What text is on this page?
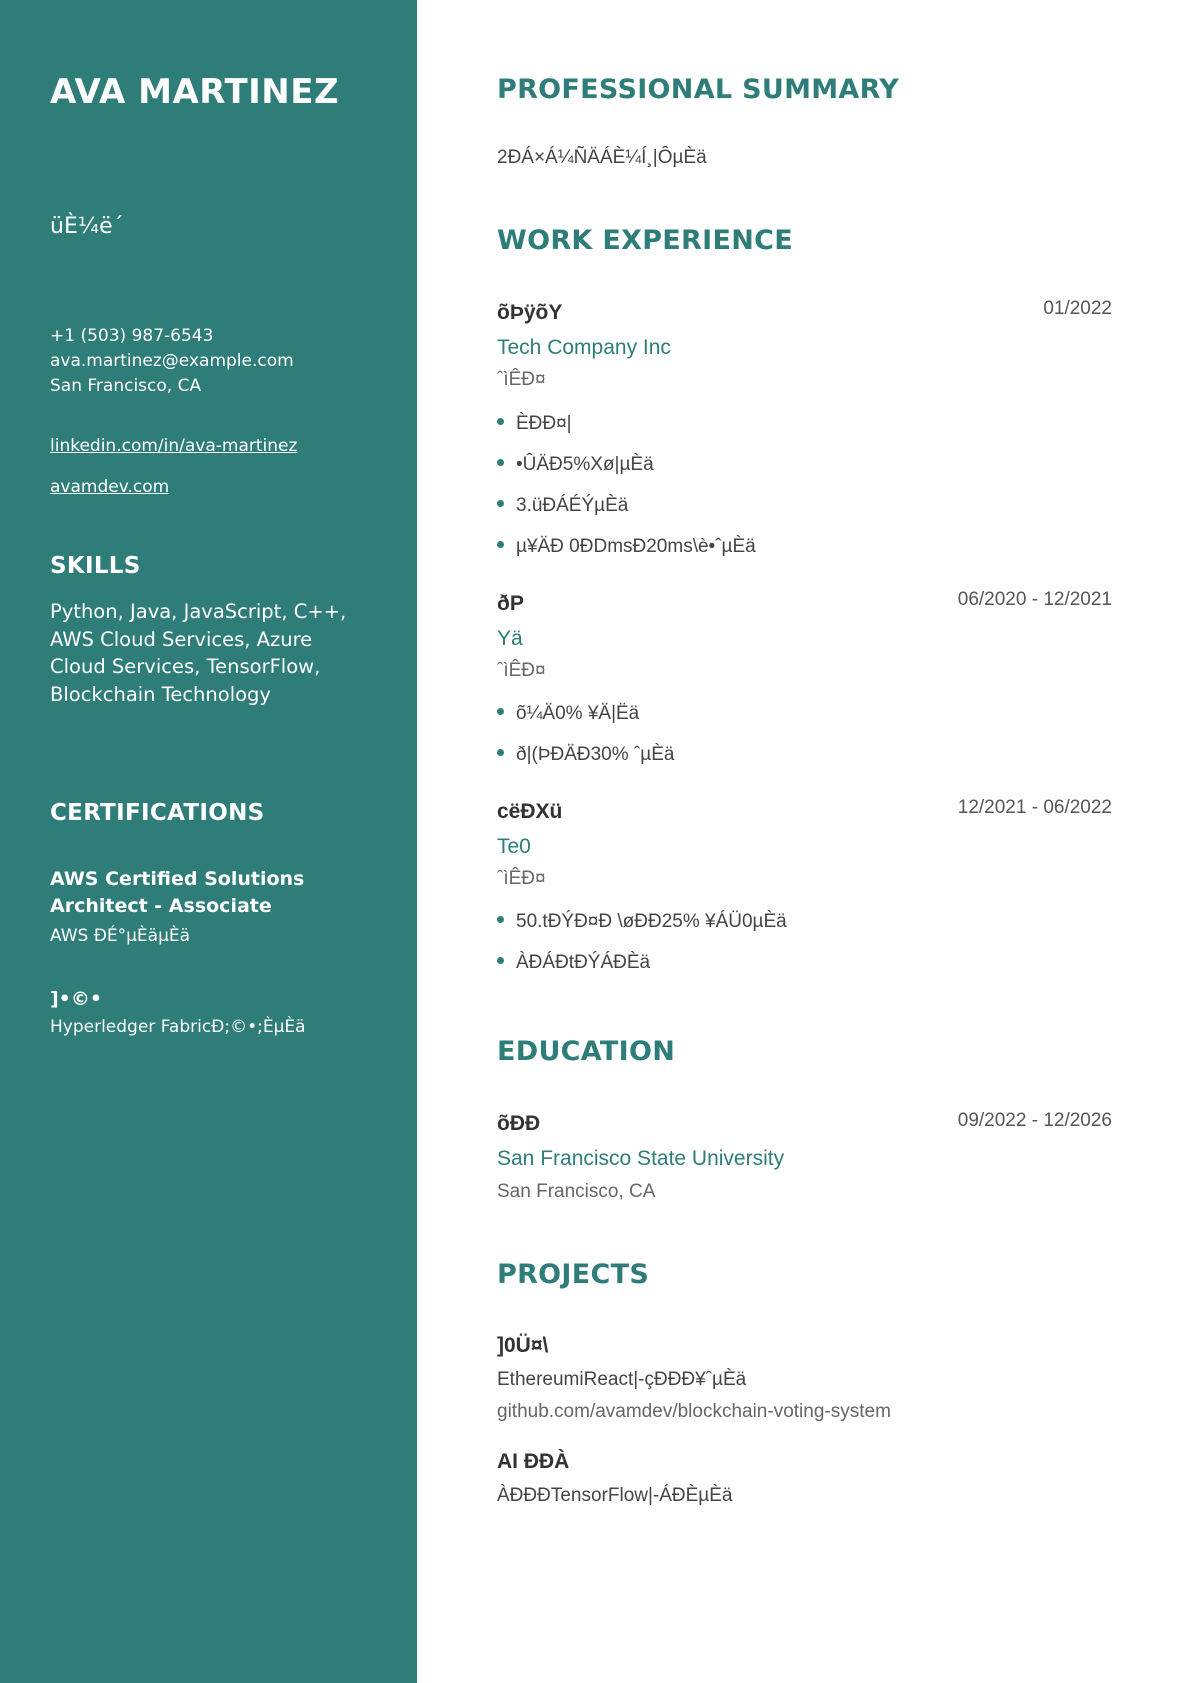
AVA MARTINEZ
üÈ¼ë´
+1 (503) 987-6543
ava.martinez@example.com
San Francisco, CA
linkedin.com/in/ava-martinez
avamdev.com
SKILLS
Python, Java, JavaScript, C++, AWS Cloud Services, Azure Cloud Services, TensorFlow, Blockchain Technology
CERTIFICATIONS
AWS Certified Solutions Architect - Associate
AWS ÐÉ°µÈäµÈä
]•©•
Hyperledger FabricÐ;©•;ÈµÈä
PROFESSIONAL SUMMARY
2ÐÁ×Á¼ÑÄÁÈ¼Í¸|ÔµÈä
WORK EXPERIENCE
õÞÿõY	01/2022
Tech Company Inc
ˆìÊÐ¤
ÈÐÐ¤|
•ÛÄÐ5%Xø|µÈä
3.üÐÁÉÝµÈä
µ¥ÄÐ 0ÐDmsÐ20ms\è•ˆµÈä
ðP	06/2020 - 12/2021
Yä
ˆìÊÐ¤
õ¼Ä0% ¥Ä|Ëä
ð|(ÞÐÄÐ30% ˆµÈä
cëÐXü	12/2021 - 06/2022
Te0
ˆìÊÐ¤
50.tÐÝÐ¤Ð \øÐÐ25% ¥ÁÜ0µÈä
ÀÐÁÐtÐÝÁÐÈä
EDUCATION
õÐÐ	09/2022 - 12/2026
San Francisco State University
San Francisco, CA
PROJECTS
]0Ü¤\
EthereumiReact|-çÐÐÐ¥ˆµÈä
github.com/avamdev/blockchain-voting-system
AI ÐÐÀ
ÀÐÐÐTensorFlow|-ÁÐÈµÈä
